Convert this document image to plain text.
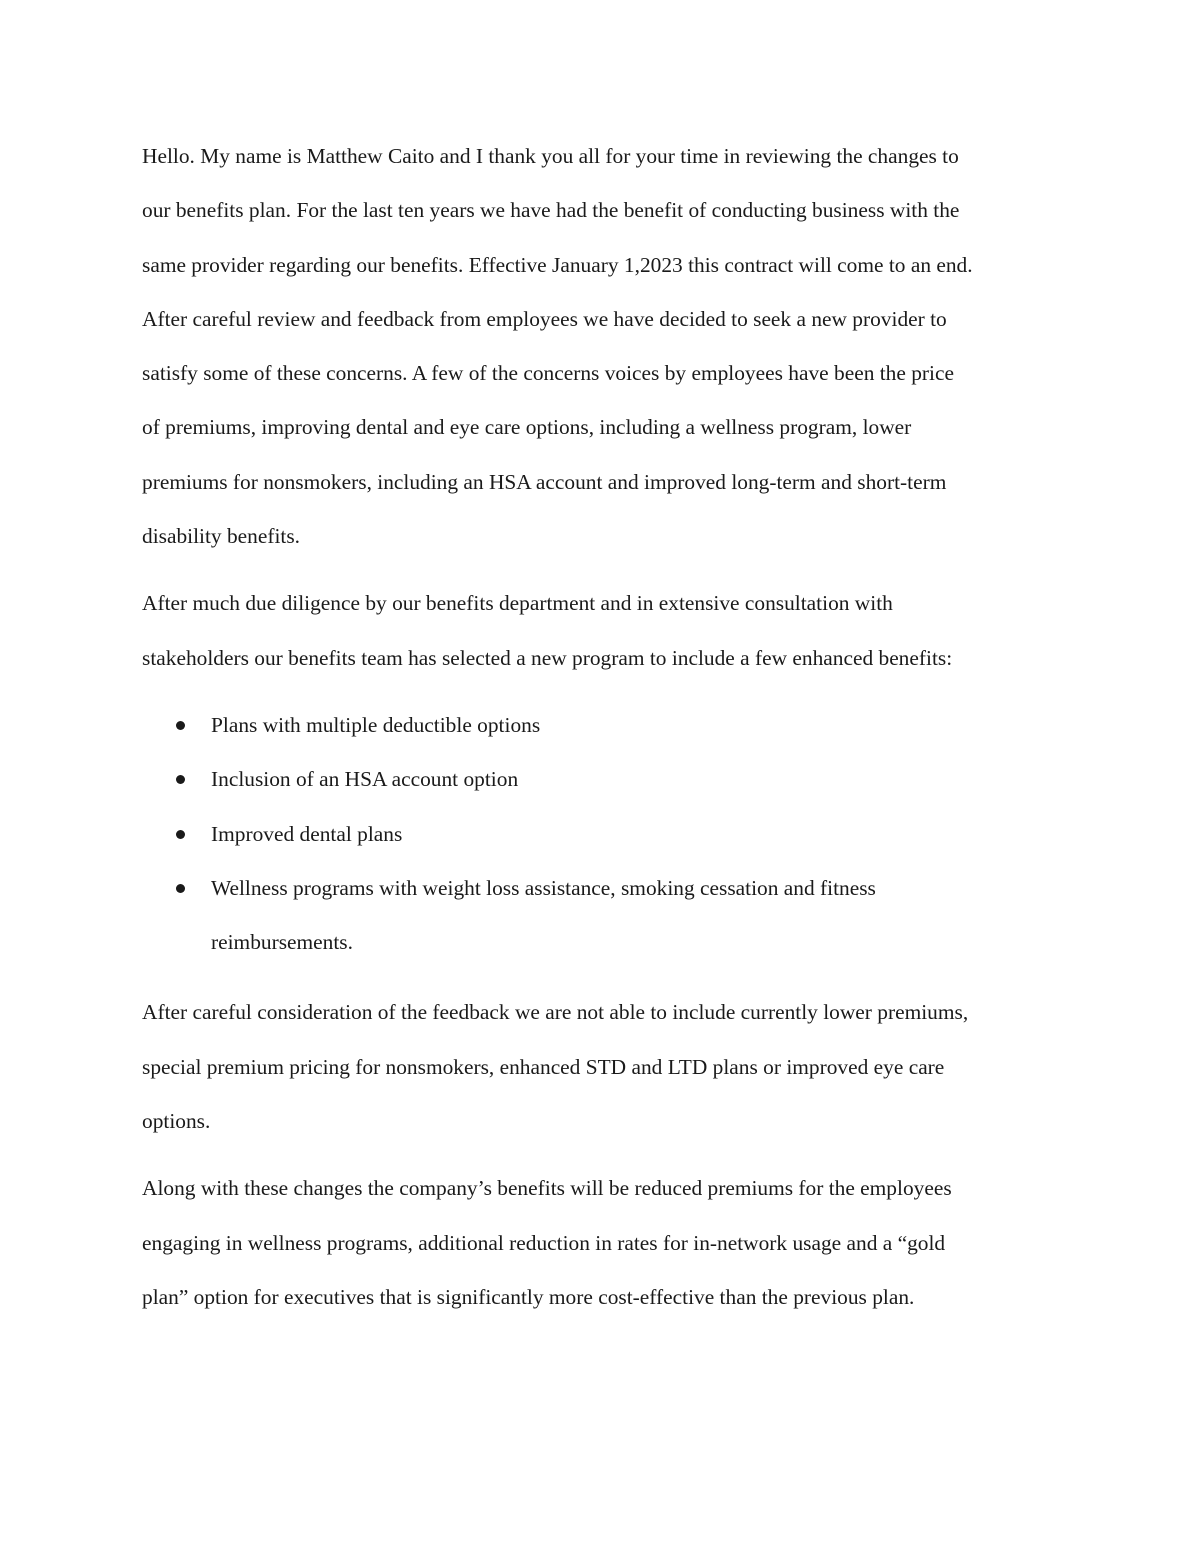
Hello. My name is Matthew Caito and I thank you all for your time in reviewing the changes to
our benefits plan. For the last ten years we have had the benefit of conducting business with the
same provider regarding our benefits. Effective January 1,2023 this contract will come to an end.
After careful review and feedback from employees we have decided to seek a new provider to
satisfy some of these concerns. A few of the concerns voices by employees have been the price
of premiums, improving dental and eye care options, including a wellness program, lower
premiums for nonsmokers, including an HSA account and improved long-term and short-term
disability benefits.

After much due diligence by our benefits department and in extensive consultation with
stakeholders our benefits team has selected a new program to include a few enhanced benefits:

Plans with multiple deductible options
Inclusion of an HSA account option
Improved dental plans
Wellness programs with weight loss assistance, smoking cessation and fitness
reimbursements.

After careful consideration of the feedback we are not able to include currently lower premiums,
special premium pricing for nonsmokers, enhanced STD and LTD plans or improved eye care
options.

Along with these changes the company’s benefits will be reduced premiums for the employees
engaging in wellness programs, additional reduction in rates for in-network usage and a “gold
plan” option for executives that is significantly more cost-effective than the previous plan.
